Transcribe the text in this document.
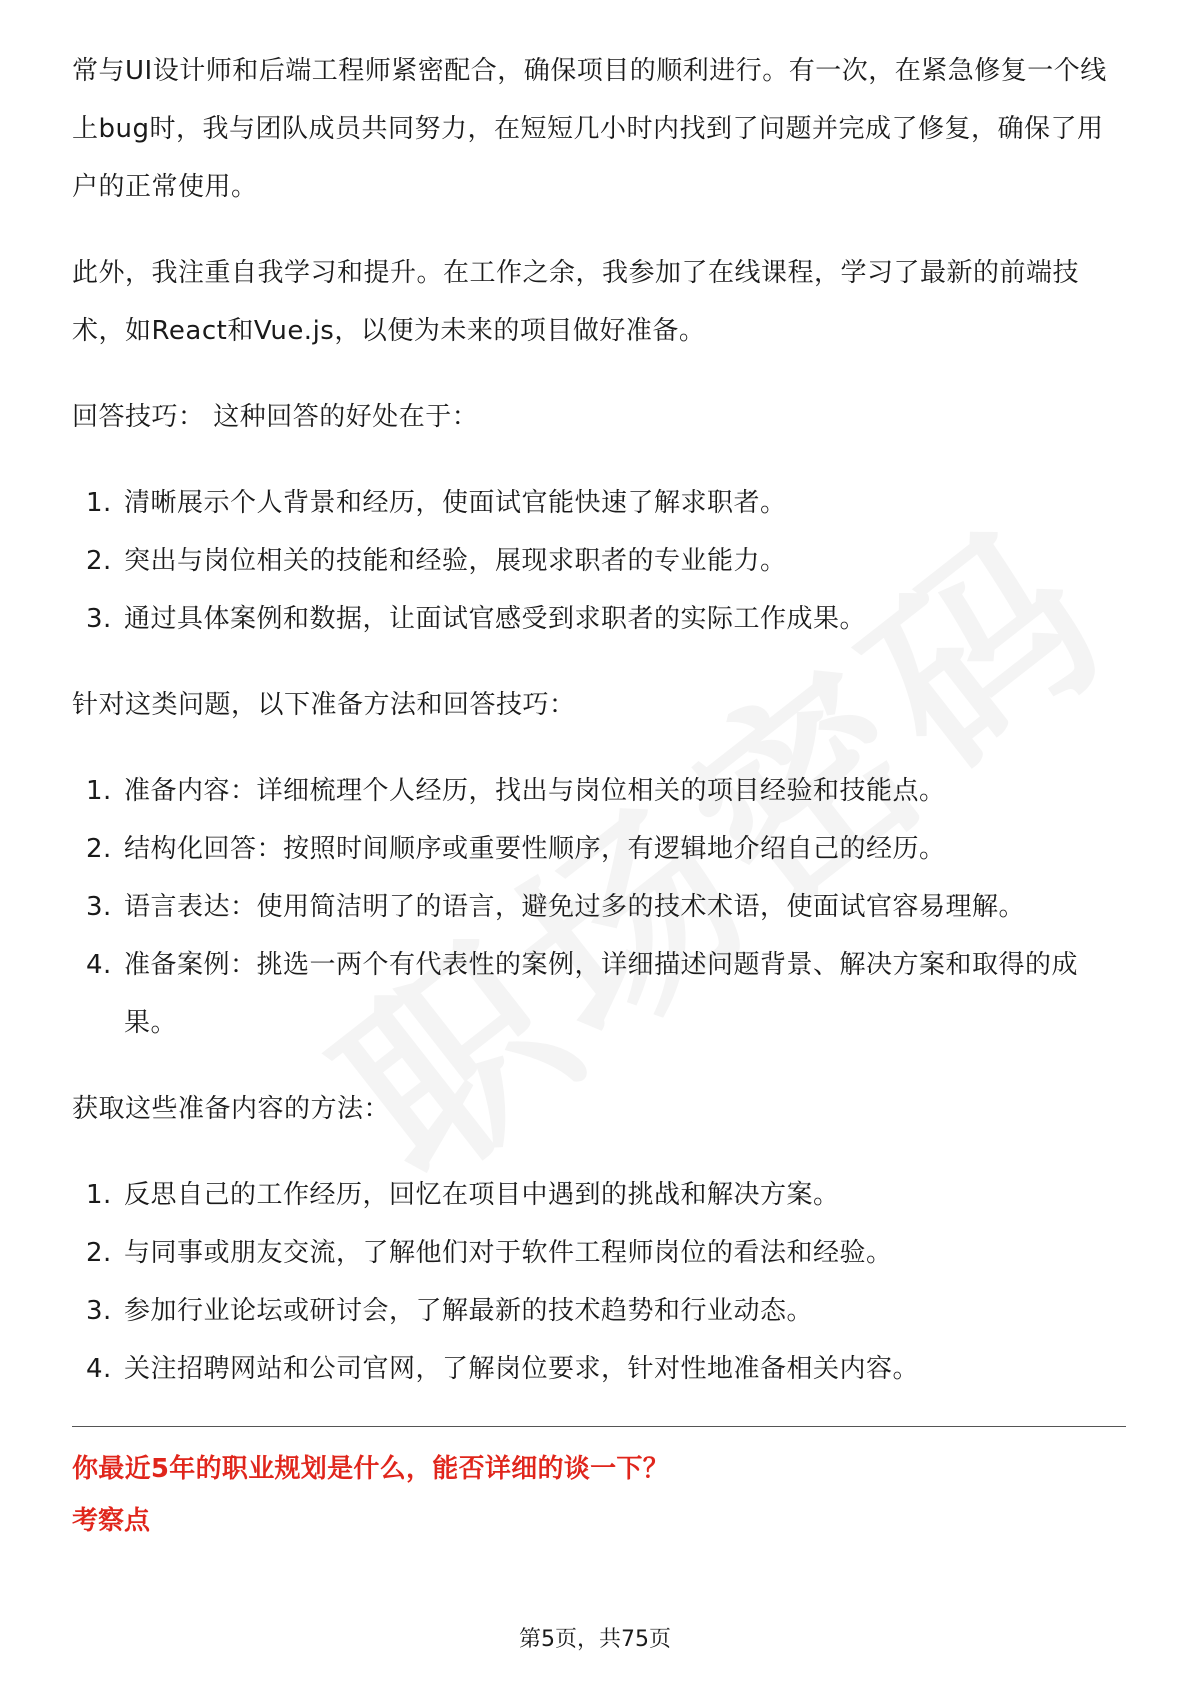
常与UI设计师和后端工程师紧密配合，确保项目的顺利进行。有一次，在紧急修复一个线上bug时，我与团队成员共同努力，在短短几小时内找到了问题并完成了修复，确保了用户的正常使用。

此外，我注重自我学习和提升。在工作之余，我参加了在线课程，学习了最新的前端技术，如React和Vue.js，以便为未来的项目做好准备。

回答技巧： 这种回答的好处在于：

1. 清晰展示个人背景和经历，使面试官能快速了解求职者。
2. 突出与岗位相关的技能和经验，展现求职者的专业能力。
3. 通过具体案例和数据，让面试官感受到求职者的实际工作成果。

针对这类问题，以下准备方法和回答技巧：

1. 准备内容：详细梳理个人经历，找出与岗位相关的项目经验和技能点。
2. 结构化回答：按照时间顺序或重要性顺序，有逻辑地介绍自己的经历。
3. 语言表达：使用简洁明了的语言，避免过多的技术术语，使面试官容易理解。
4. 准备案例：挑选一两个有代表性的案例，详细描述问题背景、解决方案和取得的成果。

获取这些准备内容的方法：

1. 反思自己的工作经历，回忆在项目中遇到的挑战和解决方案。
2. 与同事或朋友交流，了解他们对于软件工程师岗位的看法和经验。
3. 参加行业论坛或研讨会，了解最新的技术趋势和行业动态。
4. 关注招聘网站和公司官网，了解岗位要求，针对性地准备相关内容。

你最近5年的职业规划是什么，能否详细的谈一下？

考察点

第5页，共75页
